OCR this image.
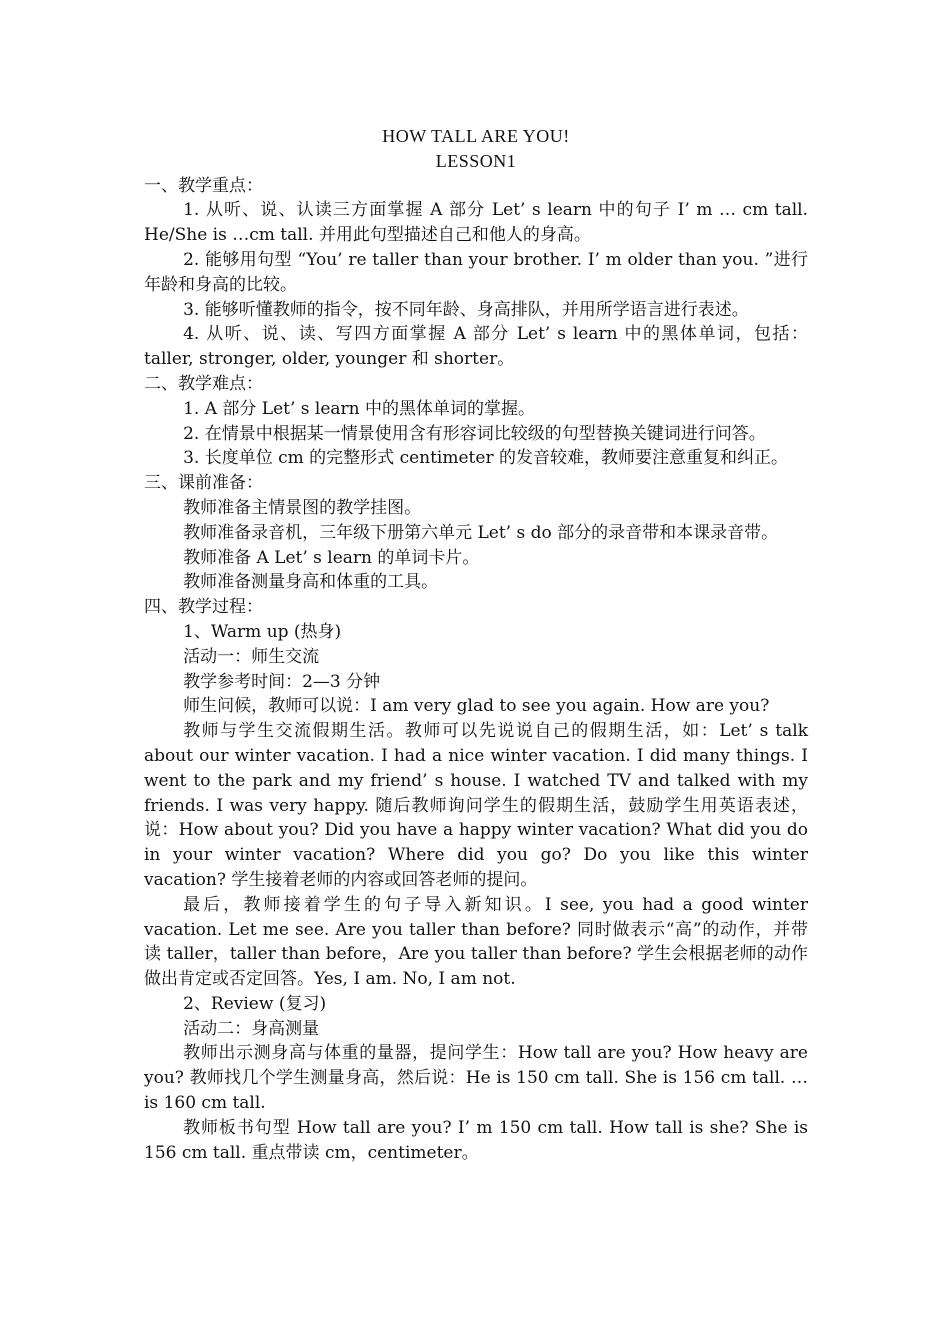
HOW TALL ARE YOU!
LESSON1
一、教学重点：
1. 从听、说、认读三方面掌握 A 部分 Let’ s learn 中的句子 I’ m … cm tall. He/She is …cm tall. 并用此句型描述自己和他人的身高。
2. 能够用句型 “You’ re taller than your brother. I’ m older than you. ”进行年龄和身高的比较。
3. 能够听懂教师的指令，按不同年龄、身高排队，并用所学语言进行表述。
4. 从听、说、读、写四方面掌握 A 部分 Let’ s learn 中的黑体单词，包括：taller, stronger, older, younger 和 shorter。
二、教学难点：
1. A 部分 Let’ s learn 中的黑体单词的掌握。
2. 在情景中根据某一情景使用含有形容词比较级的句型替换关键词进行问答。
3. 长度单位 cm 的完整形式 centimeter 的发音较难，教师要注意重复和纠正。
三、课前准备：
教师准备主情景图的教学挂图。
教师准备录音机，三年级下册第六单元 Let’ s do 部分的录音带和本课录音带。
教师准备 A Let’ s learn 的单词卡片。
教师准备测量身高和体重的工具。
四、教学过程：
1、Warm up (热身)
活动一：师生交流
教学参考时间：2—3 分钟
师生问候，教师可以说：I am very glad to see you again. How are you?
教师与学生交流假期生活。教师可以先说说自己的假期生活，如：Let’ s talk about our winter vacation. I had a nice winter vacation. I did many things. I went to the park and my friend’ s house. I watched TV and talked with my friends. I was very happy. 随后教师询问学生的假期生活，鼓励学生用英语表述，说：How about you? Did you have a happy winter vacation? What did you do in your winter vacation? Where did you go? Do you like this winter vacation? 学生接着老师的内容或回答老师的提问。
最后，教师接着学生的句子导入新知识。I see, you had a good winter vacation. Let me see. Are you taller than before? 同时做表示“高”的动作，并带读 taller，taller than before，Are you taller than before? 学生会根据老师的动作做出肯定或否定回答。Yes, I am. No, I am not.
2、Review (复习)
活动二：身高测量
教师出示测身高与体重的量器，提问学生：How tall are you? How heavy are you? 教师找几个学生测量身高，然后说：He is 150 cm tall. She is 156 cm tall. … is 160 cm tall.
教师板书句型 How tall are you? I’ m 150 cm tall. How tall is she? She is 156 cm tall. 重点带读 cm，centimeter。
